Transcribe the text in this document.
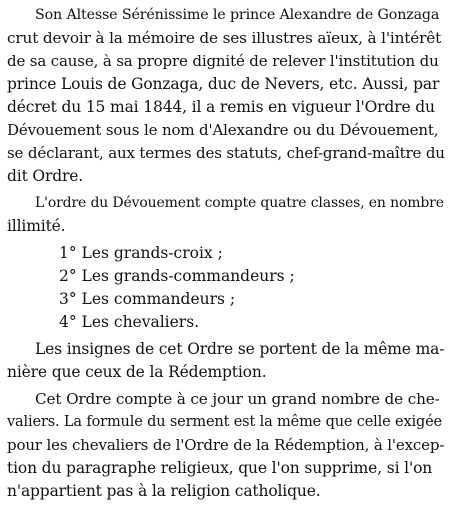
Son Altesse Sérénissime le prince Alexandre de Gonzaga
crut devoir à la mémoire de ses illustres aïeux, à l'intérêt
de sa cause, à sa propre dignité de relever l'institution du
prince Louis de Gonzaga, duc de Nevers, etc. Aussi, par
décret du 15 mai 1844, il a remis en vigueur l'Ordre du
Dévouement sous le nom d'Alexandre ou du Dévouement,
se déclarant, aux termes des statuts, chef-grand-maître du
dit Ordre.

L'ordre du Dévouement compte quatre classes, en nombre
illimité.

1° Les grands-croix ;
2° Les grands-commandeurs ;
3° Les commandeurs ;
4° Les chevaliers.

Les insignes de cet Ordre se portent de la même ma-
nière que ceux de la Rédemption.

Cet Ordre compte à ce jour un grand nombre de che-
valiers. La formule du serment est la même que celle exigée
pour les chevaliers de l'Ordre de la Rédemption, à l'excep-
tion du paragraphe religieux, que l'on supprime, si l'on
n'appartient pas à la religion catholique.
